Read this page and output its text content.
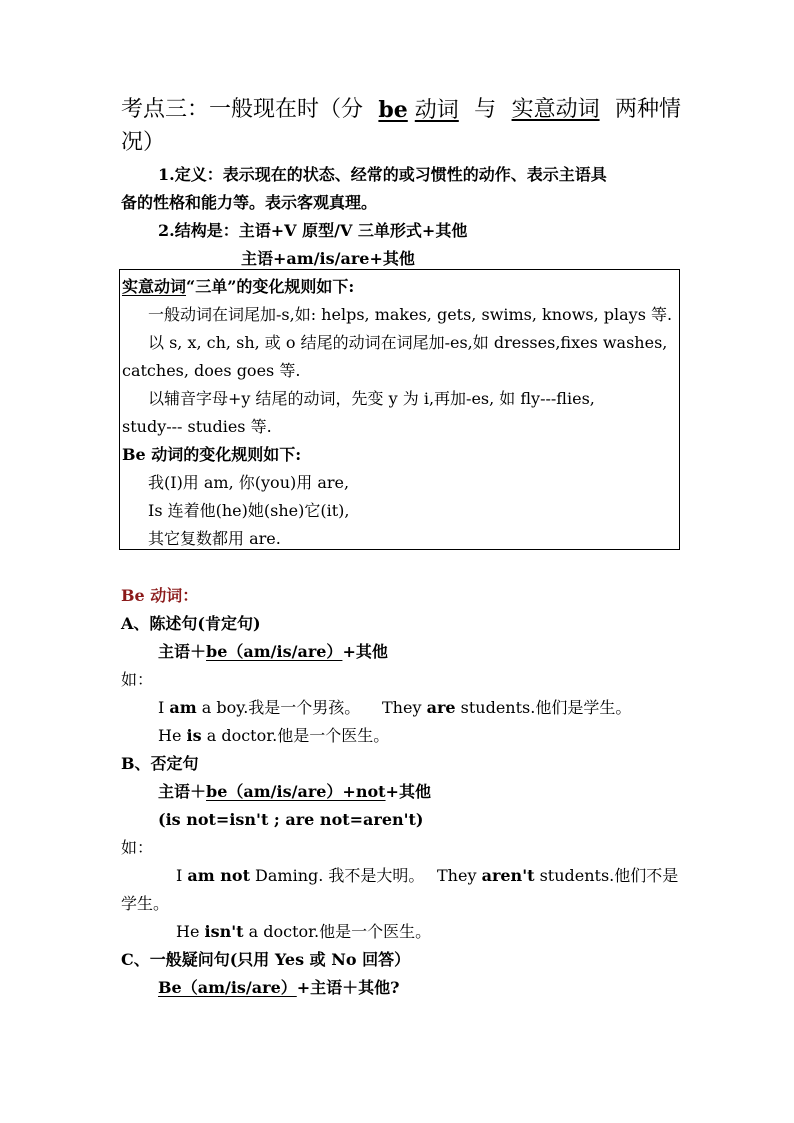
考点三：一般现在时（分 be 动词 与 实意动词 两种情
况）
1.定义：表示现在的状态、经常的或习惯性的动作、表示主语具
备的性格和能力等。表示客观真理。
2.结构是：主语+V 原型/V 三单形式+其他
主语+am/is/are+其他
实意动词“三单”的变化规则如下:
一般动词在词尾加-s,如: helps, makes, gets, swims, knows, plays 等.
以 s, x, ch, sh, 或 o 结尾的动词在词尾加-es,如 dresses,fixes washes,
catches, does goes 等.
以辅音字母+y 结尾的动词，先变 y 为 i,再加-es, 如 fly---flies,
study--- studies 等.
Be 动词的变化规则如下:
我(I)用 am, 你(you)用 are,
Is 连着他(he)她(she)它(it),
其它复数都用 are.
Be 动词：
A、陈述句(肯定句)
主语＋be（am/is/are）+其他
如：
I am a boy.我是一个男孩。 They are students.他们是学生。
He is a doctor.他是一个医生。
B、否定句
主语＋be（am/is/are）+not+其他
(is not=isn't ; are not=aren't)
如：
I am not Daming. 我不是大明。 They aren't students.他们不是
学生。
He isn't a doctor.他是一个医生。
C、一般疑问句(只用 Yes 或 No 回答）
Be（am/is/are）+主语＋其他?
